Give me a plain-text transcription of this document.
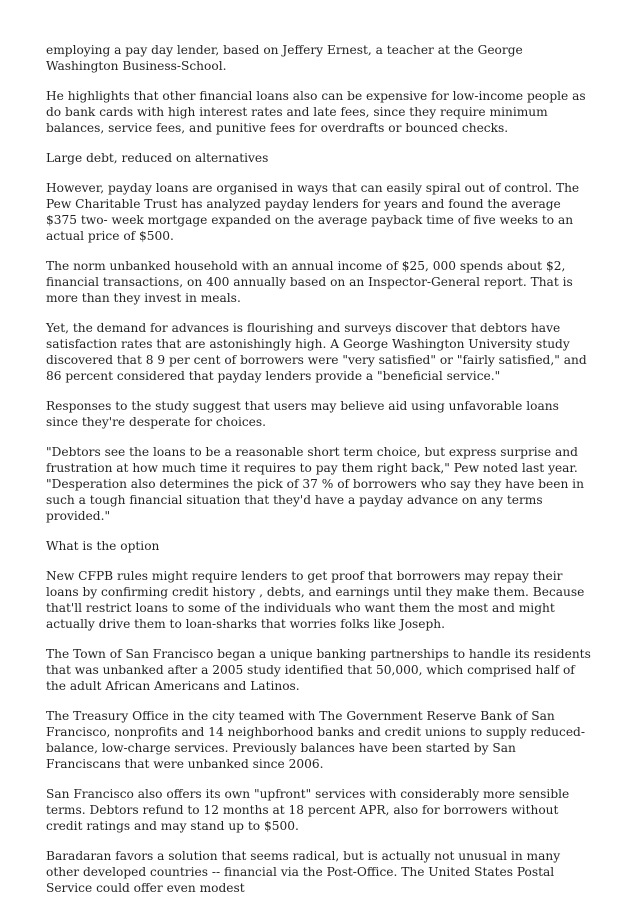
employing a pay day lender, based on Jeffery Ernest, a teacher at the George Washington Business-School.

He highlights that other financial loans also can be expensive for low-income people as do bank cards with high interest rates and late fees, since they require minimum balances, service fees, and punitive fees for overdrafts or bounced checks.

Large debt, reduced on alternatives

However, payday loans are organised in ways that can easily spiral out of control. The Pew Charitable Trust has analyzed payday lenders for years and found the average $375 two- week mortgage expanded on the average payback time of five weeks to an actual price of $500.

The norm unbanked household with an annual income of $25, 000 spends about $2, financial transactions, on 400 annually based on an Inspector-General report. That is more than they invest in meals.

Yet, the demand for advances is flourishing and surveys discover that debtors have satisfaction rates that are astonishingly high. A George Washington University study discovered that 8 9 per cent of borrowers were "very satisfied" or "fairly satisfied," and 86 percent considered that payday lenders provide a "beneficial service."

Responses to the study suggest that users may believe aid using unfavorable loans since they're desperate for choices.

"Debtors see the loans to be a reasonable short term choice, but express surprise and frustration at how much time it requires to pay them right back," Pew noted last year. "Desperation also determines the pick of 37 % of borrowers who say they have been in such a tough financial situation that they'd have a payday advance on any terms provided."

What is the option

New CFPB rules might require lenders to get proof that borrowers may repay their loans by confirming credit history , debts, and earnings until they make them. Because that'll restrict loans to some of the individuals who want them the most and might actually drive them to loan-sharks that worries folks like Joseph.

The Town of San Francisco began a unique banking partnerships to handle its residents that was unbanked after a 2005 study identified that 50,000, which comprised half of the adult African Americans and Latinos.

The Treasury Office in the city teamed with The Government Reserve Bank of San Francisco, nonprofits and 14 neighborhood banks and credit unions to supply reduced-balance, low-charge services. Previously balances have been started by San Franciscans that were unbanked since 2006.

San Francisco also offers its own "upfront" services with considerably more sensible terms. Debtors refund to 12 months at 18 percent APR, also for borrowers without credit ratings and may stand up to $500.

Baradaran favors a solution that seems radical, but is actually not unusual in many other developed countries -- financial via the Post-Office. The United States Postal Service could offer even modest
